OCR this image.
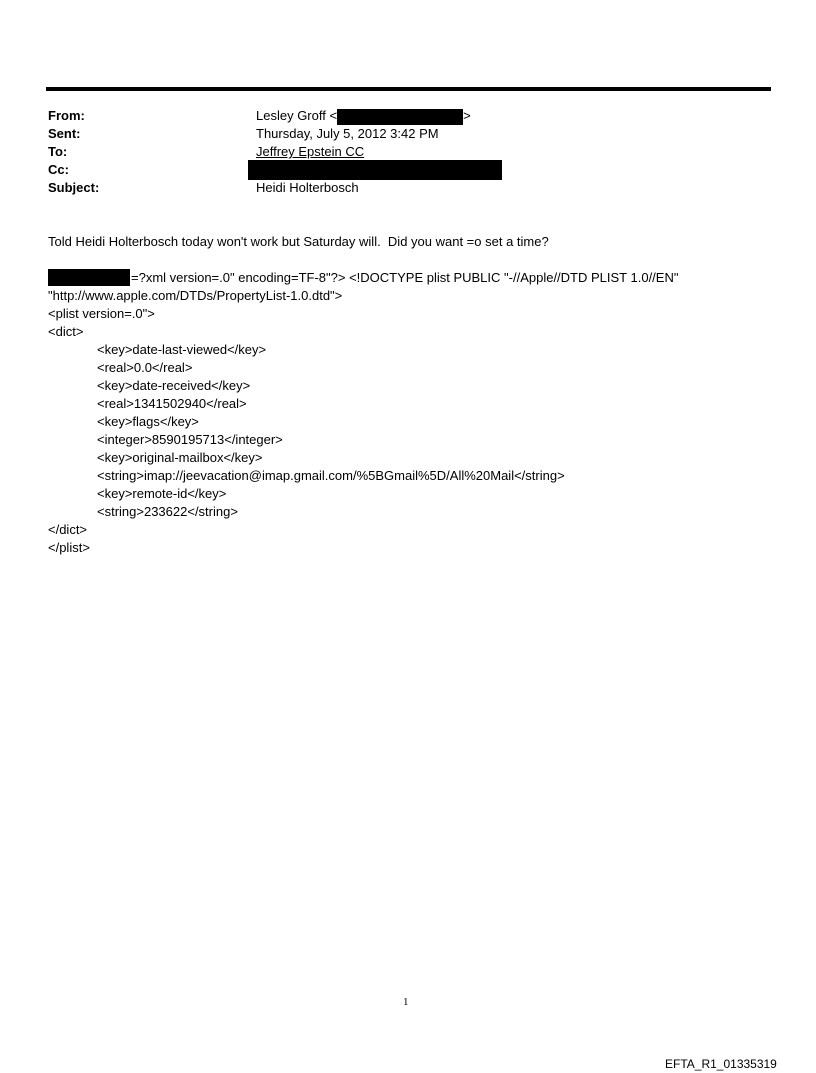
From:	Lesley Groff <	>
Sent:	Thursday, July 5, 2012 3:42 PM
To:	Jeffrey Epstein CC
Cc:
Subject:	Heidi Holterbosch
Told Heidi Holterbosch today won't work but Saturday will.  Did you want =o set a time?
=?xml version=.0" encoding=TF-8"?> <!DOCTYPE plist PUBLIC "-//Apple//DTD PLIST 1.0//EN"
"http://www.apple.com/DTDs/PropertyList-1.0.dtd">
<plist version=.0">
<dict>
<key>date-last-viewed</key>
<real>0.0</real>
<key>date-received</key>
<real>1341502940</real>
<key>flags</key>
<integer>8590195713</integer>
<key>original-mailbox</key>
<string>imap://jeevacation@imap.gmail.com/%5BGmail%5D/All%20Mail</string>
<key>remote-id</key>
<string>233622</string>
</dict>
</plist>
1
EFTA_R1_01335319
